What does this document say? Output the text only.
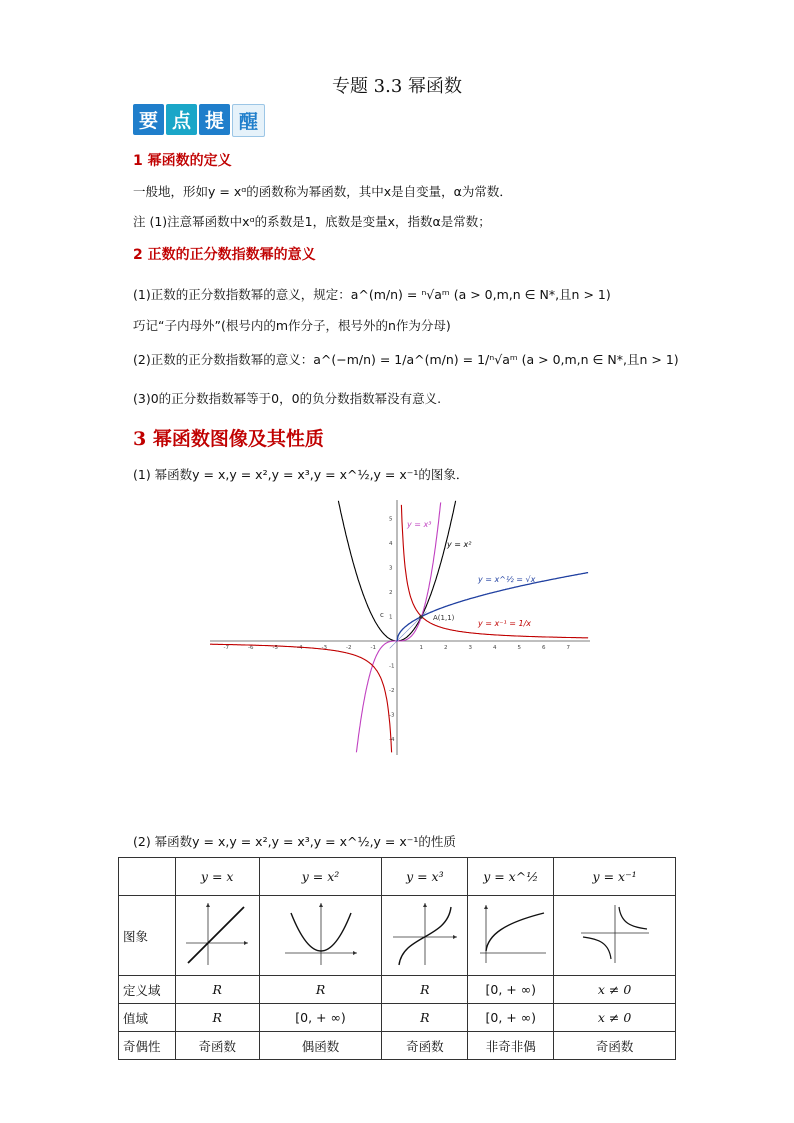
专题 3.3 幂函数
要 点 提 醒
1 幂函数的定义
一般地，形如y = xᵅ的函数称为幂函数，其中x是自变量，α为常数．
注 (1)注意幂函数中xᵅ的系数是1，底数是变量x，指数α是常数；
2 正数的正分数指数幂的意义
(1)正数的正分数指数幂的意义，规定：a^(m/n) = ⁿ√aᵐ (a > 0,m,n ∈ N*,且n > 1)
巧记“子内母外”(根号内的m作分子，根号外的n作为分母)
(2)正数的正分数指数幂的意义：a^(−m/n) = 1/a^(m/n) = 1/ⁿ√aᵐ (a > 0,m,n ∈ N*,且n > 1)
(3)0的正分数指数幂等于0，0的负分数指数幂没有意义.
3 幂函数图像及其性质
(1) 幂函数y = x,y = x²,y = x³,y = x^½,y = x⁻¹的图象．
-7	-6	-5	-4	-3	-2	-1	1	2	3	4	5	6	7
5
4
3
2
1
-1
-2
-3
-4
y = x³
y = x²
y = x^½ = √x
y = x⁻¹ = 1/x
A(1,1)
c
(2) 幂函数y = x,y = x²,y = x³,y = x^½,y = x⁻¹的性质
	y = x	y = x²	y = x³	y = x^½	y = x⁻¹
图象					
定义域	R	R	R	[0, + ∞)	x ≠ 0
值域	R	[0, + ∞)	R	[0, + ∞)	x ≠ 0
奇偶性	奇函数	偶函数	奇函数	非奇非偶	奇函数
